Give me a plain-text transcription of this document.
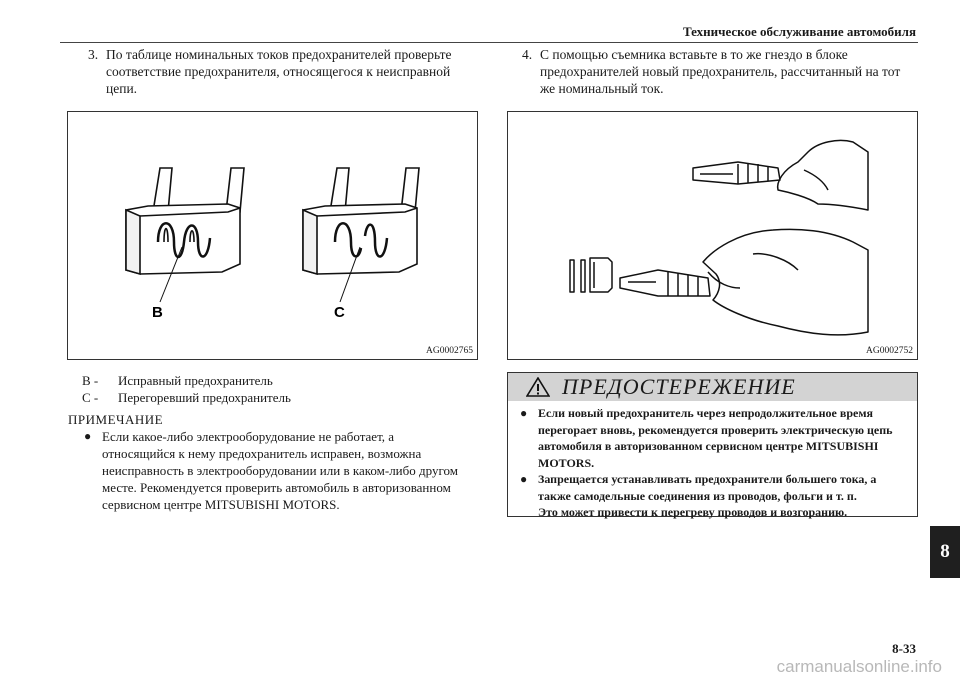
Техническое обслуживание автомобиля
3. По таблице номинальных токов предохранителей проверьте
соответствие предохранителя, относящегося к неисправной
цепи.
4. С помощью съемника вставьте в то же гнездо в блоке
предохранителей новый предохранитель, рассчитанный на тот
же номинальный ток.
B	C
AG0002765	AG0002752
B -	Исправный предохранитель
C -	Перегоревший предохранитель
ПРИМЕЧАНИЕ
● Если какое-либо электрооборудование не работает, а
относящийся к нему предохранитель исправен, возможна
неисправность в электрооборудовании или в каком-либо другом
месте. Рекомендуется проверить автомобиль в авторизованном
сервисном центре MITSUBISHI MOTORS.
ПРЕДОСТЕРЕЖЕНИЕ
● Если новый предохранитель через непродолжительное время
перегорает вновь, рекомендуется проверить электрическую цепь
автомобиля в авторизованном сервисном центре MITSUBISHI
MOTORS.
● Запрещается устанавливать предохранители большего тока, а
также самодельные соединения из проводов, фольги и т. п.
Это может привести к перегреву проводов и возгоранию.
8
8-33
carmanualsonline.info
